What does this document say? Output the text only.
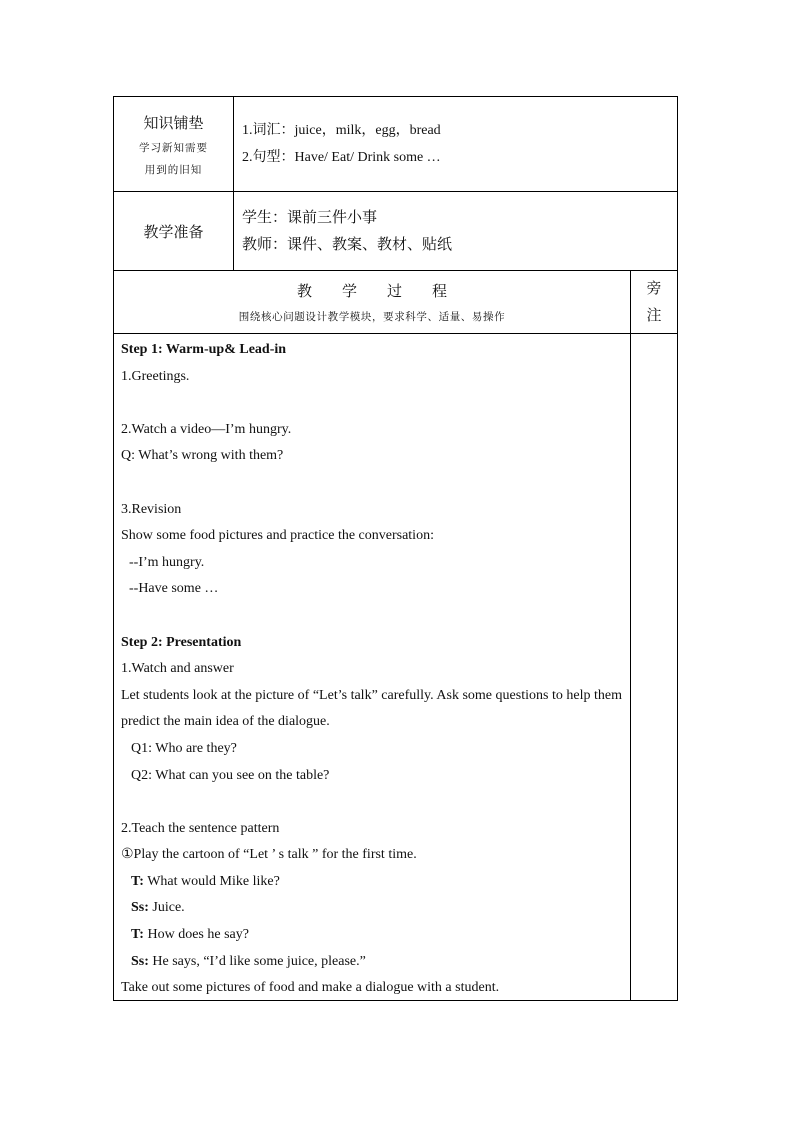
知识铺垫
学习新知需要
用到的旧知
1.词汇：juice，milk，egg，bread
2.句型：Have/ Eat/ Drink some …
教学准备
学生：课前三件小事
教师：课件、教案、教材、贴纸
教　　学　　过　　程
围绕核心问题设计教学模块，要求科学、适量、易操作
旁
注
Step 1: Warm-up& Lead-in
1.Greetings.

2.Watch a video—I’m hungry.
Q: What’s wrong with them?

3.Revision
Show some food pictures and practice the conversation:
--I’m hungry.
--Have some …

Step 2: Presentation
1.Watch and answer
Let students look at the picture of “Let’s talk” carefully. Ask some questions to help them predict the main idea of the dialogue.
Q1: Who are they?
Q2: What can you see on the table?

2.Teach the sentence pattern
①Play the cartoon of “Let ’ s talk ” for the first time.
T: What would Mike like?
Ss: Juice.
T: How does he say?
Ss: He says, “I’d like some juice, please.”
Take out some pictures of food and make a dialogue with a student.
